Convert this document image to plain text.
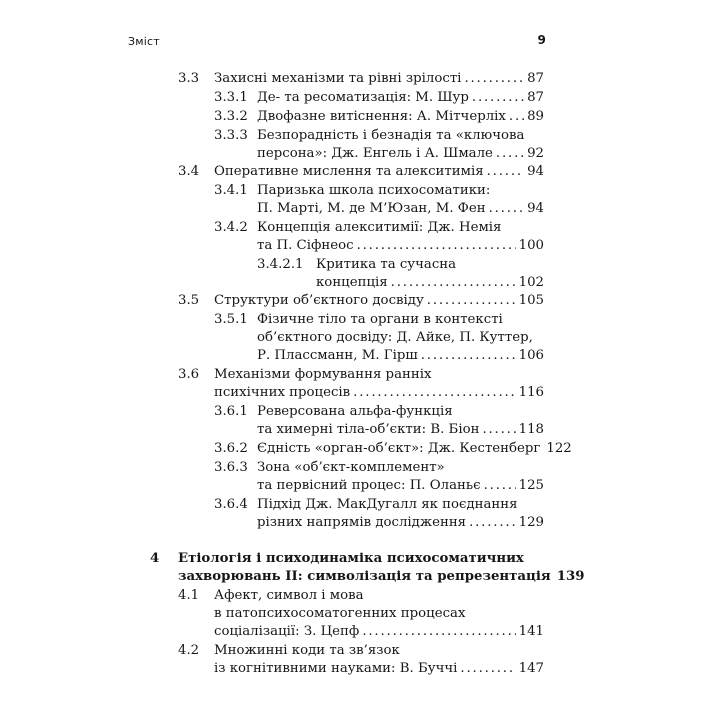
Зміст	9
3.3 Захисні механізми та рівні зрілості . . .	87
3.3.1 Де- та ресоматизація: М. Шур . . .	87
3.3.2 Двофазне витіснення: А. Мітчерліх . . . 89
3.3.3 Безпорадність і безнадія та «ключова
персона»: Дж. Енгель і А. Шмале . . .	92
3.4 Оперативне мислення та алекситимія . . .	94
3.4.1 Паризька школа психосоматики:
П. Марті, М. де М’Юзан, М. Фен . . .	94
3.4.2 Концепція алекситимії: Дж. Немія
та П. Сіфнеос . . .	100
3.4.2.1 Критика та сучасна
концепція . . .	102
3.5 Структури об’єктного досвіду . . .	105
3.5.1 Фізичне тіло та органи в контексті
об’єктного досвіду: Д. Айке, П. Куттер,
Р. Плассманн, М. Гірш . . .	106
3.6 Механізми формування ранніх
психічних процесів . . .	116
3.6.1 Реверсована альфа-функція
та химерні тіла-об’єкти: В. Біон . . .	118
3.6.2 Єдність «орган-об’єкт»: Дж. Кестенберг 122
3.6.3 Зона «об’єкт-комплемент»
та первісний процес: П. Оланьє . . .	125
3.6.4 Підхід Дж. МакДугалл як поєднання
різних напрямів дослідження . . .	129
4 Етіологія і психодинаміка психосоматичних
захворювань II: символізація та репрезентація 139
4.1 Афект, символ і мова
в патопсихосоматогенних процесах
соціалізації: З. Цепф . . .	141
4.2 Множинні коди та зв’язок
із когнітивними науками: В. Буччі . . .	147
